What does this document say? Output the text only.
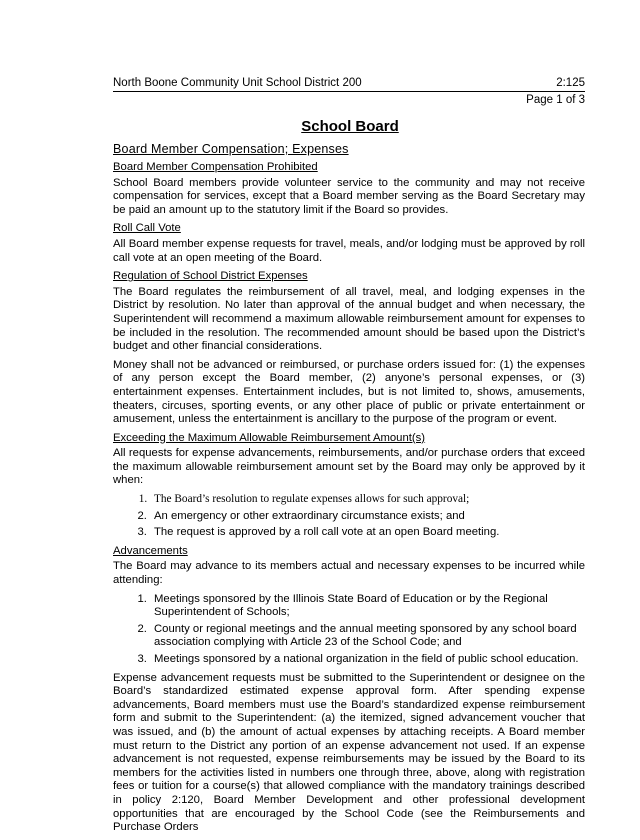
North Boone Community Unit School District 200	2:125
Page 1 of 3
School Board
Board Member Compensation; Expenses
Board Member Compensation Prohibited

School Board members provide volunteer service to the community and may not receive compensation for services, except that a Board member serving as the Board Secretary may be paid an amount up to the statutory limit if the Board so provides.

Roll Call Vote

All Board member expense requests for travel, meals, and/or lodging must be approved by roll call vote at an open meeting of the Board.

Regulation of School District Expenses

The Board regulates the reimbursement of all travel, meal, and lodging expenses in the District by resolution. No later than approval of the annual budget and when necessary, the Superintendent will recommend a maximum allowable reimbursement amount for expenses to be included in the resolution. The recommended amount should be based upon the District’s budget and other financial considerations.

Money shall not be advanced or reimbursed, or purchase orders issued for: (1) the expenses of any person except the Board member, (2) anyone’s personal expenses, or (3) entertainment expenses. Entertainment includes, but is not limited to, shows, amusements, theaters, circuses, sporting events, or any other place of public or private entertainment or amusement, unless the entertainment is ancillary to the purpose of the program or event.

Exceeding the Maximum Allowable Reimbursement Amount(s)

All requests for expense advancements, reimbursements, and/or purchase orders that exceed the maximum allowable reimbursement amount set by the Board may only be approved by it when:

1. The Board’s resolution to regulate expenses allows for such approval;
2. An emergency or other extraordinary circumstance exists; and
3. The request is approved by a roll call vote at an open Board meeting.
Advancements

The Board may advance to its members actual and necessary expenses to be incurred while attending:

1. Meetings sponsored by the Illinois State Board of Education or by the Regional Superintendent of Schools;
2. County or regional meetings and the annual meeting sponsored by any school board association complying with Article 23 of the School Code; and
3. Meetings sponsored by a national organization in the field of public school education.

Expense advancement requests must be submitted to the Superintendent or designee on the Board’s standardized estimated expense approval form. After spending expense advancements, Board members must use the Board’s standardized expense reimbursement form and submit to the Superintendent: (a) the itemized, signed advancement voucher that was issued, and (b) the amount of actual expenses by attaching receipts. A Board member must return to the District any portion of an expense advancement not used. If an expense advancement is not requested, expense reimbursements may be issued by the Board to its members for the activities listed in numbers one through three, above, along with registration fees or tuition for a course(s) that allowed compliance with the mandatory trainings described in policy 2:120, Board Member Development and other professional development opportunities that are encouraged by the School Code (see the Reimbursements and Purchase Orders
